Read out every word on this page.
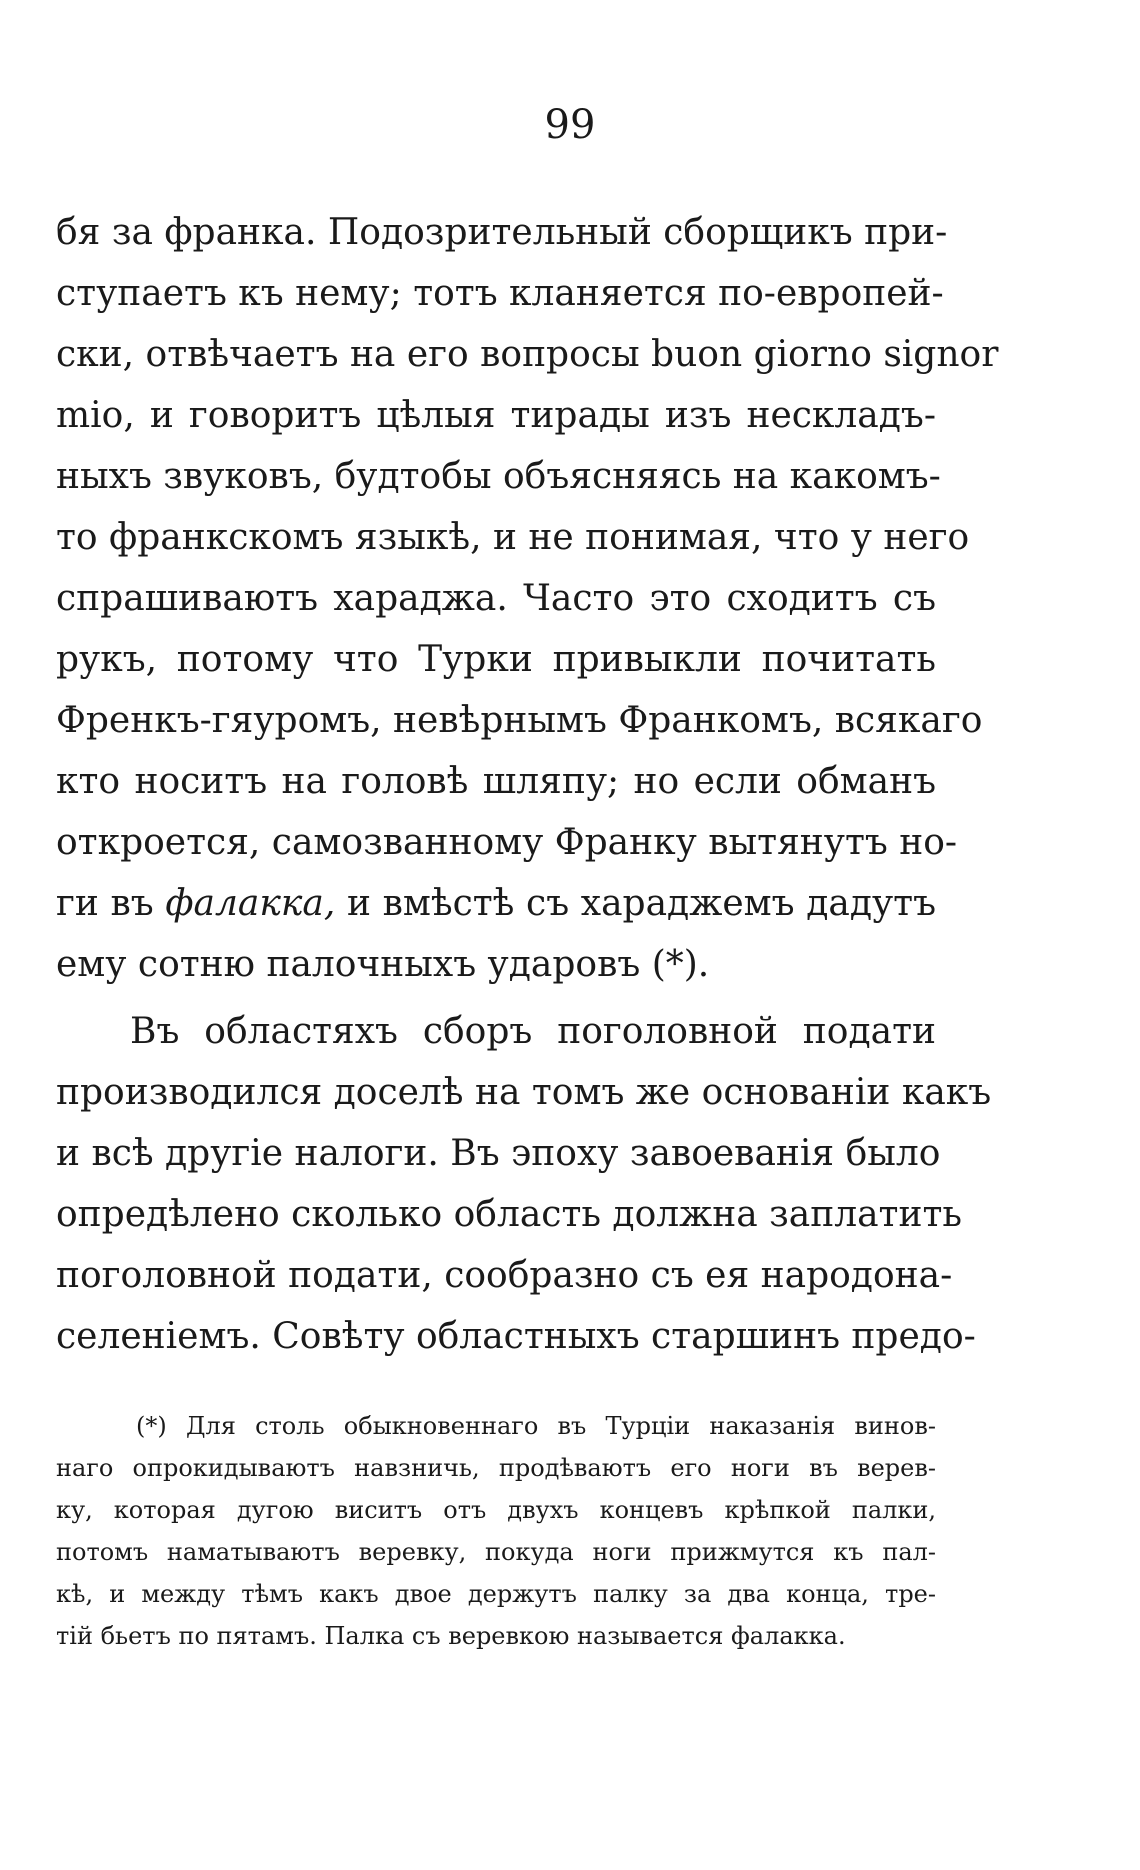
99
бя за франка. Подозрительный сборщикъ при-
ступаетъ къ нему; тотъ кланяется по-европей-
ски, отвѣчаетъ на его вопросы buon giorno signor
mio, и говоритъ цѣлыя тирады изъ нескладъ-
ныхъ звуковъ, будтобы объясняясь на какомъ-
то франкскомъ языкѣ, и не понимая, что у него
спрашиваютъ хараджа. Часто это сходитъ съ
рукъ, потому что Турки привыкли почитать
Френкъ-гяуромъ, невѣрнымъ Франкомъ, всякаго
кто носитъ на головѣ шляпу; но если обманъ
откроется, самозванному Франку вытянутъ но-
ги въ фалакка, и вмѣстѣ съ хараджемъ дадутъ
ему сотню палочныхъ ударовъ (*).
Въ областяхъ сборъ поголовной подати
производился доселѣ на томъ же основаніи какъ
и всѣ другіе налоги. Въ эпоху завоеванія было
опредѣлено сколько область должна заплатить
поголовной подати, сообразно съ ея народона-
селеніемъ. Совѣту областныхъ старшинъ предо-
(*) Для столь обыкновеннаго въ Турціи наказанія винов-
наго опрокидываютъ навзничь, продѣваютъ его ноги въ верев-
ку, которая дугою виситъ отъ двухъ концевъ крѣпкой палки,
потомъ наматываютъ веревку, покуда ноги прижмутся къ пал-
кѣ, и между тѣмъ какъ двое держутъ палку за два конца, тре-
тій бьетъ по пятамъ. Палка съ веревкою называется фалакка.
